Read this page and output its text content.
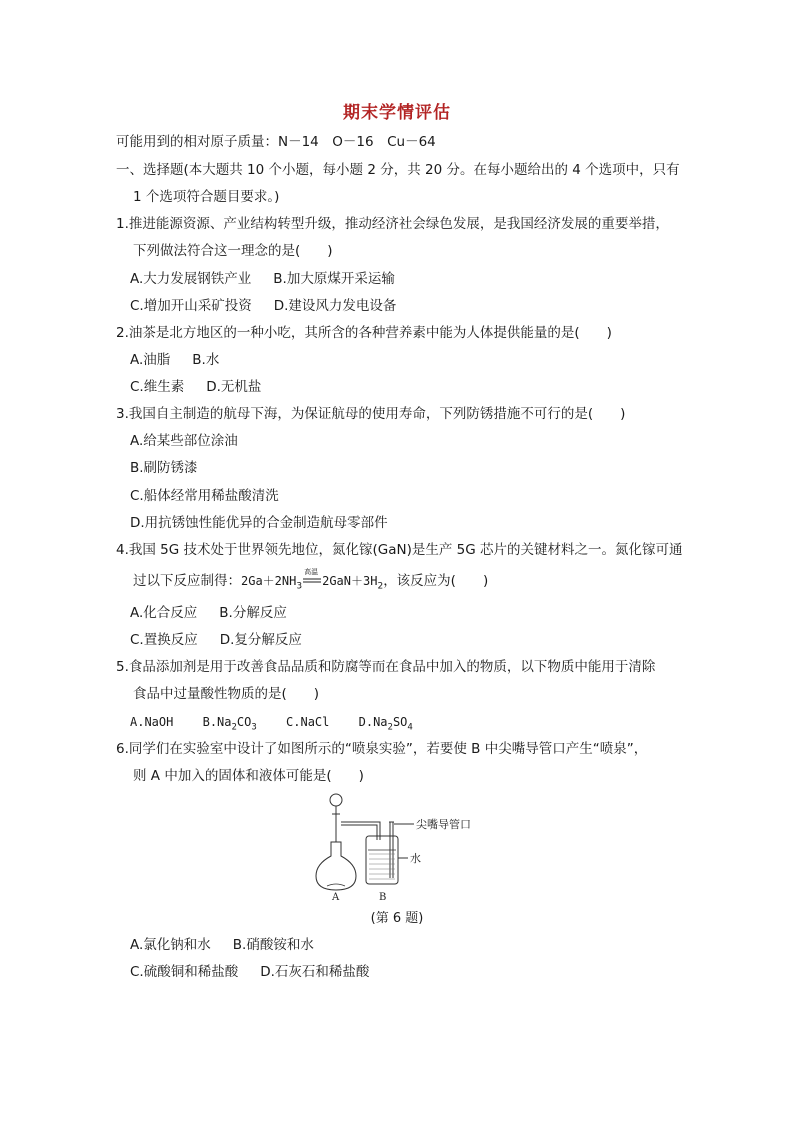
期末学情评估
可能用到的相对原子质量：N－14　O－16　Cu－64
一、选择题(本大题共 10 个小题，每小题 2 分，共 20 分。在每小题给出的 4 个选项中，只有
1 个选项符合题目要求。)
1.推进能源资源、产业结构转型升级，推动经济社会绿色发展，是我国经济发展的重要举措，
下列做法符合这一理念的是(　　)
A.大力发展钢铁产业 B.加大原煤开采运输
C.增加开山采矿投资 D.建设风力发电设备
2.油茶是北方地区的一种小吃，其所含的各种营养素中能为人体提供能量的是(　　)
A.油脂 B.水
C.维生素 D.无机盐
3.我国自主制造的航母下海，为保证航母的使用寿命，下列防锈措施不可行的是(　　)
A.给某些部位涂油
B.刷防锈漆
C.船体经常用稀盐酸清洗
D.用抗锈蚀性能优异的合金制造航母零部件
4.我国 5G 技术处于世界领先地位，氮化镓(GaN)是生产 5G 芯片的关键材料之一。氮化镓可通
过以下反应制得：$2Ga+2NH_3$
高温
$2GaN+3H_2$，该反应为(　　)
A.化合反应 B.分解反应
C.置换反应 D.复分解反应
5.食品添加剂是用于改善食品品质和防腐等而在食品中加入的物质，以下物质中能用于清除
食品中过量酸性物质的是(　　)
A.NaOH $B.Na_2CO_3$ C.NaCl $D.Na_2SO_4$
6.同学们在实验室中设计了如图所示的“喷泉实验”，若要使 B 中尖嘴导管口产生“喷泉”，
则 A 中加入的固体和液体可能是(　　)
尖嘴导管口
水
A	B
(第 6 题)
A.氯化钠和水 B.硝酸铵和水
C.硫酸铜和稀盐酸 D.石灰石和稀盐酸
